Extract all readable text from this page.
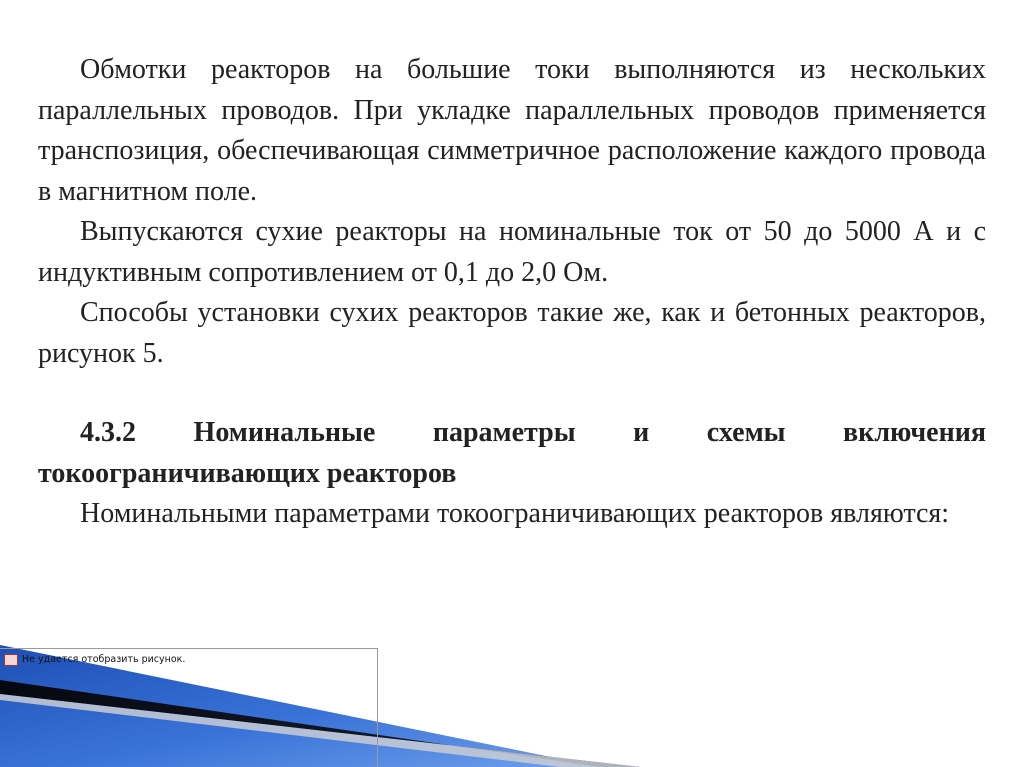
Обмотки реакторов на большие токи выполняются из нескольких параллельных проводов. При укладке параллельных проводов применяется транспозиция, обеспечивающая симметричное расположение каждого провода в магнитном поле.

Выпускаются сухие реакторы на номинальные ток от 50 до 5000 А и с индуктивным сопротивлением от 0,1 до 2,0 Ом.

Способы установки сухих реакторов такие же, как и бетонных реакторов, рисунок 5.

4.3.2 Номинальные параметры и схемы включения токоограничивающих реакторов

Номинальными параметрами токоограничивающих реакторов являются:

Не удается отобразить рисунок.
